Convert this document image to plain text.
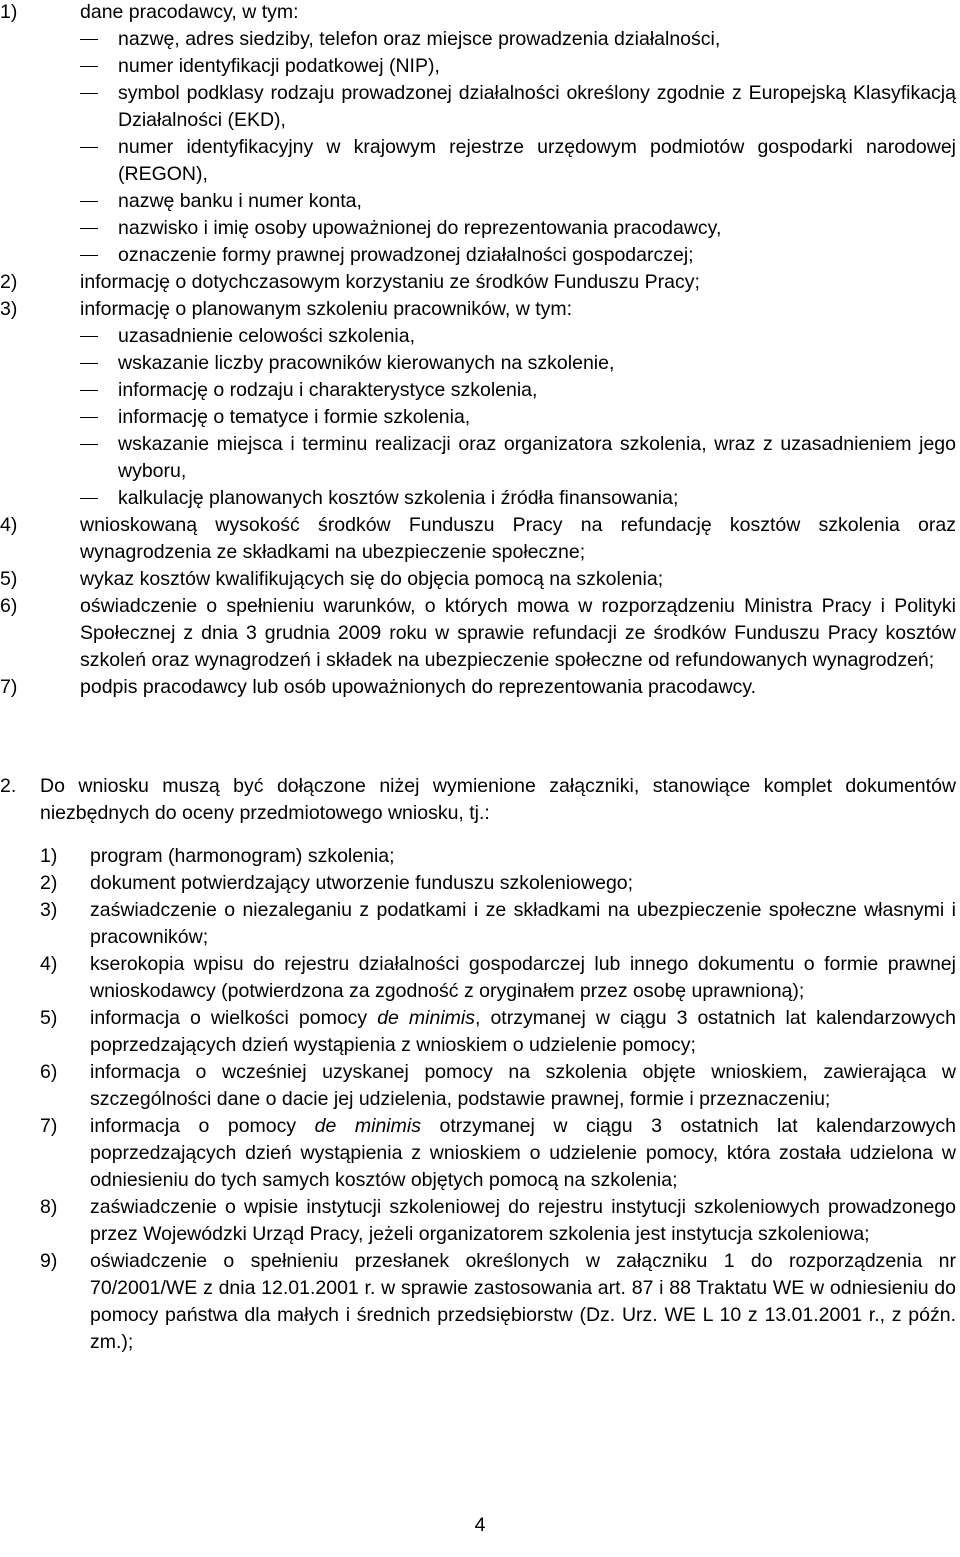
1)	dane pracodawcy, w tym:
nazwę, adres siedziby, telefon oraz miejsce prowadzenia działalności,
numer identyfikacji podatkowej (NIP),
symbol podklasy rodzaju prowadzonej działalności określony zgodnie z Europejską Klasyfikacją Działalności (EKD),
numer identyfikacyjny w krajowym rejestrze urzędowym podmiotów gospodarki narodowej (REGON),
nazwę banku i numer konta,
nazwisko i imię osoby upoważnionej do reprezentowania pracodawcy,
oznaczenie formy prawnej prowadzonej działalności gospodarczej;
2)	informację o dotychczasowym korzystaniu ze środków Funduszu Pracy;
3)	informację o planowanym szkoleniu pracowników, w tym:
uzasadnienie celowości szkolenia,
wskazanie liczby pracowników kierowanych na szkolenie,
informację o rodzaju i charakterystyce szkolenia,
informację o tematyce i formie szkolenia,
wskazanie miejsca i terminu realizacji oraz organizatora szkolenia, wraz z uzasadnieniem jego wyboru,
kalkulację planowanych kosztów szkolenia i źródła finansowania;
4)	wnioskowaną wysokość środków Funduszu Pracy na refundację kosztów szkolenia oraz wynagrodzenia ze składkami na ubezpieczenie społeczne;
5)	wykaz kosztów kwalifikujących się do objęcia pomocą na szkolenia;
6)	oświadczenie o spełnieniu warunków, o których mowa w rozporządzeniu Ministra Pracy i Polityki Społecznej z dnia 3 grudnia 2009 roku w sprawie refundacji ze środków Funduszu Pracy kosztów szkoleń oraz wynagrodzeń i składek na ubezpieczenie społeczne od refundowanych wynagrodzeń;
7)	podpis pracodawcy lub osób upoważnionych do reprezentowania pracodawcy.
2.	Do wniosku muszą być dołączone niżej wymienione załączniki, stanowiące komplet dokumentów niezbędnych do oceny przedmiotowego wniosku, tj.:
1)	program (harmonogram) szkolenia;
2)	dokument potwierdzający utworzenie funduszu szkoleniowego;
3)	zaświadczenie o niezaleganiu z podatkami i ze składkami na ubezpieczenie społeczne własnymi i pracowników;
4)	kserokopia wpisu do rejestru działalności gospodarczej lub innego dokumentu o formie prawnej wnioskodawcy (potwierdzona za zgodność z oryginałem przez osobę uprawnioną);
5)	informacja o wielkości pomocy de minimis, otrzymanej w ciągu 3 ostatnich lat kalendarzowych poprzedzających dzień wystąpienia z wnioskiem o udzielenie pomocy;
6)	informacja o wcześniej uzyskanej pomocy na szkolenia objęte wnioskiem, zawierająca w szczególności dane o dacie jej udzielenia, podstawie prawnej, formie i przeznaczeniu;
7)	informacja o pomocy de minimis otrzymanej w ciągu 3 ostatnich lat kalendarzowych poprzedzających dzień wystąpienia z wnioskiem o udzielenie pomocy, która została udzielona w odniesieniu do tych samych kosztów objętych pomocą na szkolenia;
8)	zaświadczenie o wpisie instytucji szkoleniowej do rejestru instytucji szkoleniowych prowadzonego przez Wojewódzki Urząd Pracy, jeżeli organizatorem szkolenia jest instytucja szkoleniowa;
9)	oświadczenie o spełnieniu przesłanek określonych w załączniku 1 do rozporządzenia nr 70/2001/WE z dnia 12.01.2001 r. w sprawie zastosowania art. 87 i 88 Traktatu WE w odniesieniu do pomocy państwa dla małych i średnich przedsiębiorstw (Dz. Urz. WE L 10 z 13.01.2001 r., z późn. zm.);
4
